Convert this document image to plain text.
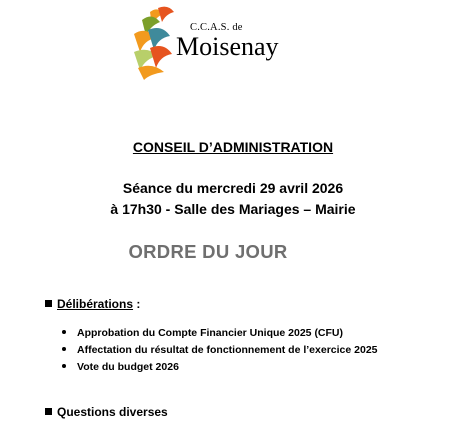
C.C.A.S. de
Moisenay
CONSEIL D’ADMINISTRATION
Séance du mercredi 29 avril 2026
à 17h30 - Salle des Mariages – Mairie
ORDRE DU JOUR
Délibérations :
Approbation du Compte Financier Unique 2025 (CFU)
Affectation du résultat de fonctionnement de l’exercice 2025
Vote du budget 2026
Questions diverses
